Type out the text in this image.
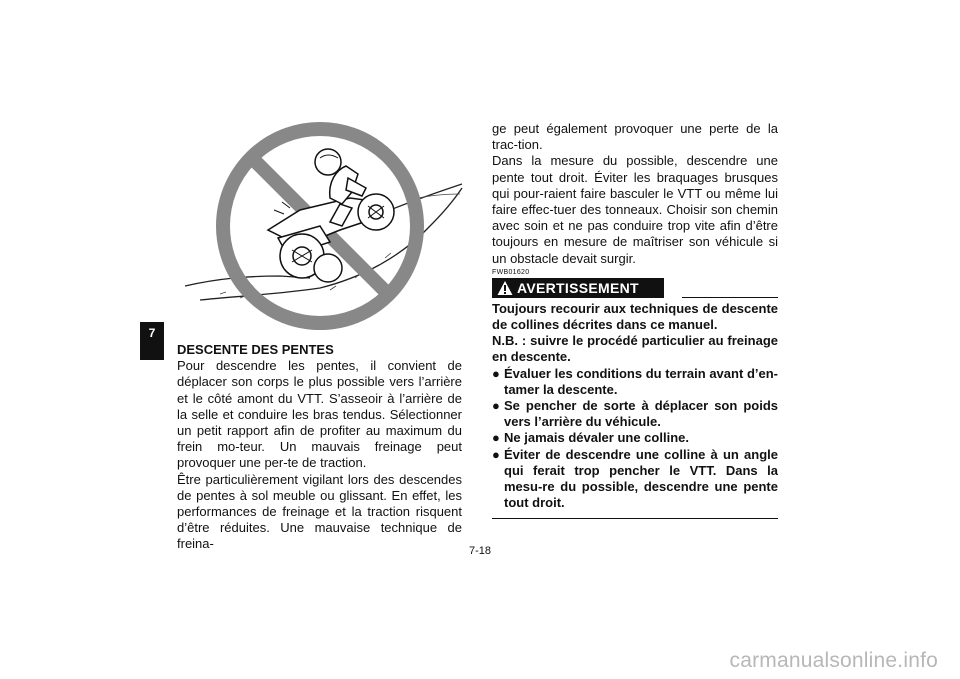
7
DESCENTE DES PENTES

Pour descendre les pentes, il convient de déplacer son corps le plus possible vers l’arrière et le côté amont du VTT. S’asseoir à l’arrière de la selle et conduire les bras tendus. Sélectionner un petit rapport afin de profiter au maximum du frein mo-teur. Un mauvais freinage peut provoquer une per-te de traction.

Être particulièrement vigilant lors des descendes de pentes à sol meuble ou glissant. En effet, les performances de freinage et la traction risquent d’être réduites. Une mauvaise technique de freina-

ge peut également provoquer une perte de la trac-tion.

Dans la mesure du possible, descendre une pente tout droit. Éviter les braquages brusques qui pour-raient faire basculer le VTT ou même lui faire effec-tuer des tonneaux. Choisir son chemin avec soin et ne pas conduire trop vite afin d’être toujours en mesure de maîtriser son véhicule si un obstacle devait surgir.

FWB01620
AVERTISSEMENT

Toujours recourir aux techniques de descente de collines décrites dans ce manuel.

N.B. : suivre le procédé particulier au freinage en descente.

● Évaluer les conditions du terrain avant d’en-tamer la descente.
● Se pencher de sorte à déplacer son poids vers l’arrière du véhicule.
● Ne jamais dévaler une colline.
● Éviter de descendre une colline à un angle qui ferait trop pencher le VTT. Dans la mesu-re du possible, descendre une pente tout droit.
7-18
carmanualsonline.info
